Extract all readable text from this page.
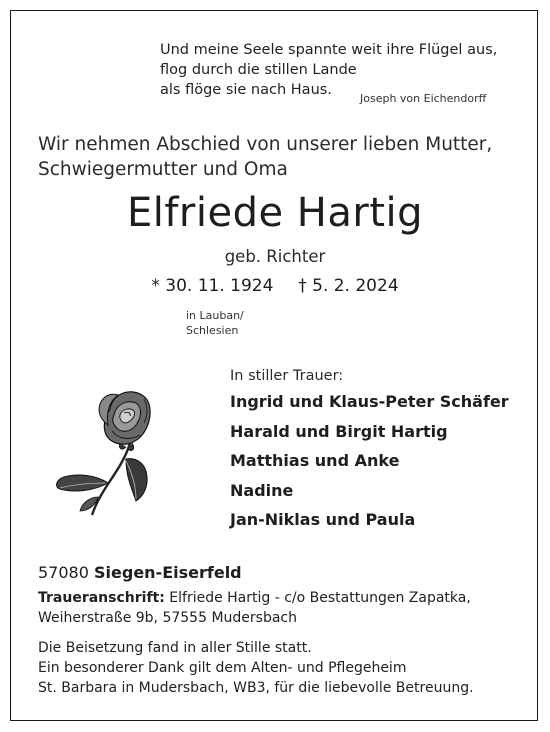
Und meine Seele spannte weit ihre Flügel aus,
flog durch die stillen Lande
als flöge sie nach Haus.
Joseph von Eichendorff
Wir nehmen Abschied von unserer lieben Mutter,
Schwiegermutter und Oma
Elfriede Hartig
geb. Richter
* 30. 11. 1924 † 5. 2. 2024
in Lauban/
Schlesien
In stiller Trauer:
Ingrid und Klaus-Peter Schäfer
Harald und Birgit Hartig
Matthias und Anke
Nadine
Jan-Niklas und Paula
57080 Siegen-Eiserfeld
Traueranschrift: Elfriede Hartig - c/o Bestattungen Zapatka,
Weiherstraße 9b, 57555 Mudersbach
Die Beisetzung fand in aller Stille statt.
Ein besonderer Dank gilt dem Alten- und Pflegeheim
St. Barbara in Mudersbach, WB3, für die liebevolle Betreuung.
